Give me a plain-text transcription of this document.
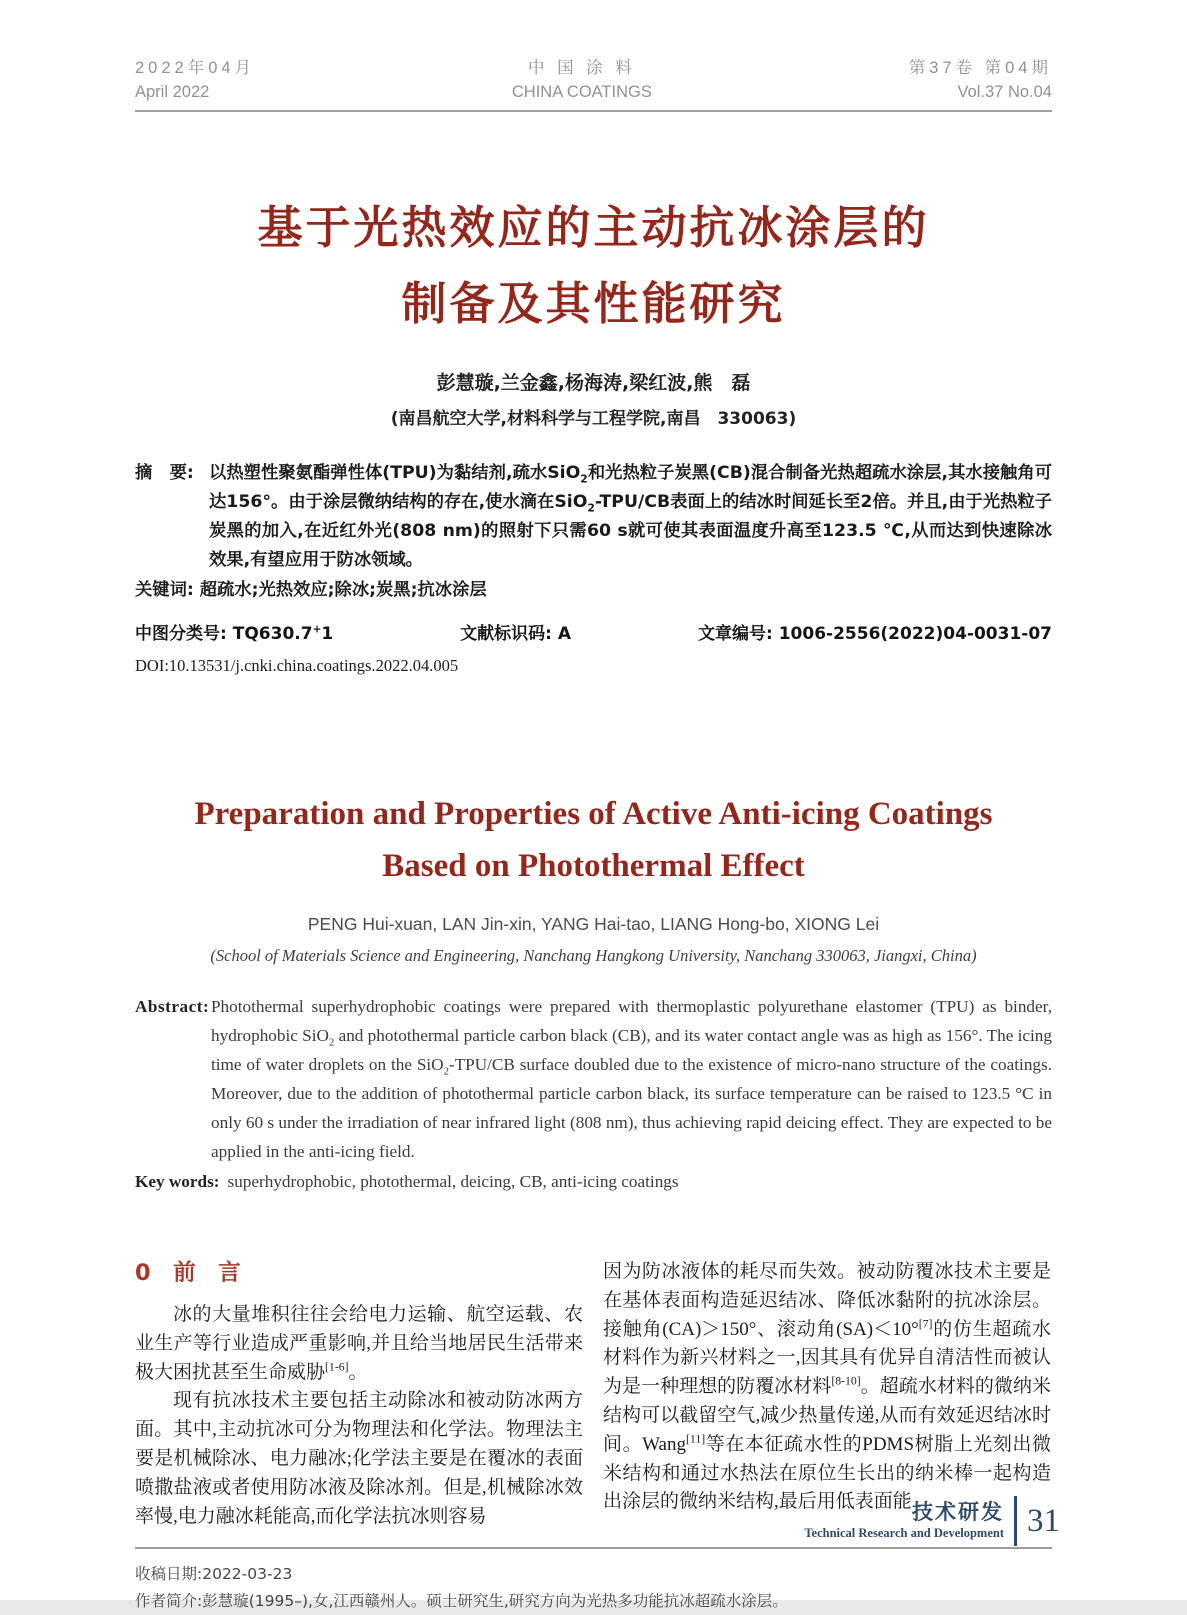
2022年04月
April 2022
中 国 涂 料
CHINA COATINGS
第37卷 第04期
Vol.37 No.04
基于光热效应的主动抗冰涂层的
制备及其性能研究
彭慧璇,兰金鑫,杨海涛,梁红波,熊　磊
(南昌航空大学,材料科学与工程学院,南昌　330063)
摘　要: 以热塑性聚氨酯弹性体(TPU)为黏结剂,疏水SiO$_2$和光热粒子炭黑(CB)混合制备光热超疏水涂层,其水接触角可达156°。由于涂层微纳结构的存在,使水滴在SiO$_2$-TPU/CB表面上的结冰时间延长至2倍。并且,由于光热粒子炭黑的加入,在近红外光(808 nm)的照射下只需60 s就可使其表面温度升高至123.5 ℃,从而达到快速除冰效果,有望应用于防冰领域。
关键词: 超疏水;光热效应;除冰;炭黑;抗冰涂层
中图分类号: TQ630.7+1	文献标识码: A	文章编号: 1006-2556(2022)04-0031-07
DOI:10.13531/j.cnki.china.coatings.2022.04.005
Preparation and Properties of Active Anti-icing Coatings
Based on Photothermal Effect
PENG Hui-xuan, LAN Jin-xin, YANG Hai-tao, LIANG Hong-bo, XIONG Lei
(School of Materials Science and Engineering, Nanchang Hangkong University, Nanchang 330063, Jiangxi, China)
Abstract: Photothermal superhydrophobic coatings were prepared with thermoplastic polyurethane elastomer (TPU) as binder, hydrophobic SiO$_2$ and photothermal particle carbon black (CB), and its water contact angle was as high as 156°. The icing time of water droplets on the SiO$_2$-TPU/CB surface doubled due to the existence of micro-nano structure of the coatings. Moreover, due to the addition of photothermal particle carbon black, its surface temperature can be raised to 123.5 °C in only 60 s under the irradiation of near infrared light (808 nm), thus achieving rapid deicing effect. They are expected to be applied in the anti-icing field.
Key words: superhydrophobic, photothermal, deicing, CB, anti-icing coatings
0　前　言

冰的大量堆积往往会给电力运输、航空运载、农业生产等行业造成严重影响,并且给当地居民生活带来极大困扰甚至生命威胁[1-6]。

现有抗冰技术主要包括主动除冰和被动防冰两方面。其中,主动抗冰可分为物理法和化学法。物理法主要是机械除冰、电力融冰;化学法主要是在覆冰的表面喷撒盐液或者使用防冰液及除冰剂。但是,机械除冰效率慢,电力融冰耗能高,而化学法抗冰则容易

因为防冰液体的耗尽而失效。被动防覆冰技术主要是在基体表面构造延迟结冰、降低冰黏附的抗冰涂层。接触角(CA)＞150°、滚动角(SA)＜10°[7]的仿生超疏水材料作为新兴材料之一,因其具有优异自清洁性而被认为是一种理想的防覆冰材料[8-10]。超疏水材料的微纳米结构可以截留空气,减少热量传递,从而有效延迟结冰时间。Wang[11]等在本征疏水性的PDMS树脂上光刻出微米结构和通过水热法在原位生长出的纳米棒一起构造出涂层的微纳米结构,最后用低表面能

收稿日期:2022-03-23
作者简介:彭慧璇(1995–),女,江西赣州人。硕士研究生,研究方向为光热多功能抗冰超疏水涂层。
技术研发
Technical Research and Development 31
